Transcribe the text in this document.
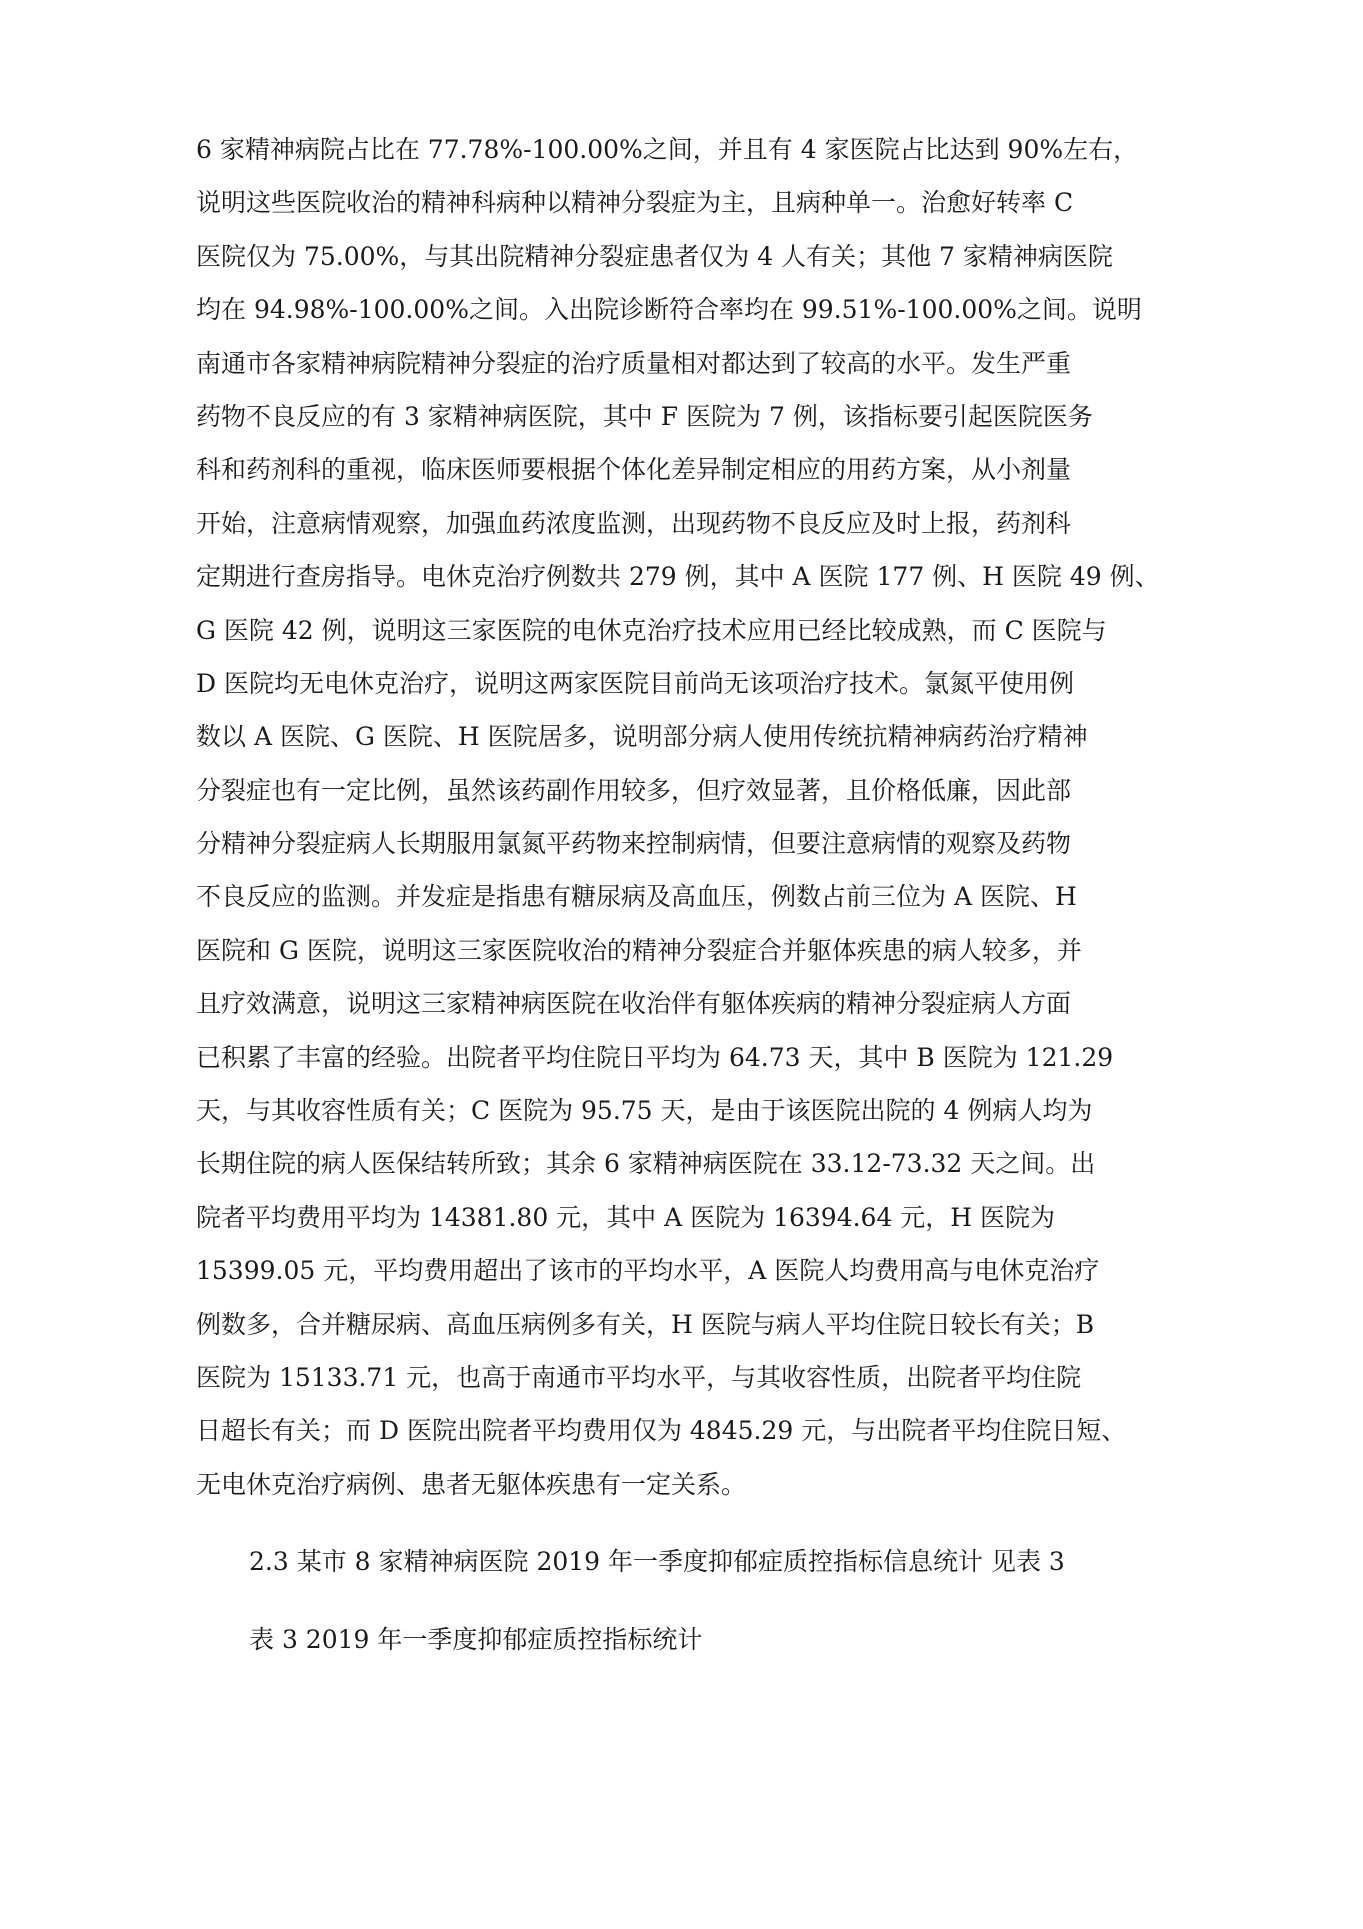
6 家精神病院占比在 77.78%-100.00%之间，并且有 4 家医院占比达到 90%左右，
说明这些医院收治的精神科病种以精神分裂症为主，且病种单一。治愈好转率 C
医院仅为 75.00%，与其出院精神分裂症患者仅为 4 人有关；其他 7 家精神病医院
均在 94.98%-100.00%之间。入出院诊断符合率均在 99.51%-100.00%之间。说明
南通市各家精神病院精神分裂症的治疗质量相对都达到了较高的水平。发生严重
药物不良反应的有 3 家精神病医院，其中 F 医院为 7 例，该指标要引起医院医务
科和药剂科的重视，临床医师要根据个体化差异制定相应的用药方案，从小剂量
开始，注意病情观察，加强血药浓度监测，出现药物不良反应及时上报，药剂科
定期进行查房指导。电休克治疗例数共 279 例，其中 A 医院 177 例、H 医院 49 例、
G 医院 42 例，说明这三家医院的电休克治疗技术应用已经比较成熟，而 C 医院与
D 医院均无电休克治疗，说明这两家医院目前尚无该项治疗技术。氯氮平使用例
数以 A 医院、G 医院、H 医院居多，说明部分病人使用传统抗精神病药治疗精神
分裂症也有一定比例，虽然该药副作用较多，但疗效显著，且价格低廉，因此部
分精神分裂症病人长期服用氯氮平药物来控制病情，但要注意病情的观察及药物
不良反应的监测。并发症是指患有糖尿病及高血压，例数占前三位为 A 医院、H
医院和 G 医院，说明这三家医院收治的精神分裂症合并躯体疾患的病人较多，并
且疗效满意，说明这三家精神病医院在收治伴有躯体疾病的精神分裂症病人方面
已积累了丰富的经验。出院者平均住院日平均为 64.73 天，其中 B 医院为 121.29
天，与其收容性质有关；C 医院为 95.75 天，是由于该医院出院的 4 例病人均为
长期住院的病人医保结转所致；其余 6 家精神病医院在 33.12-73.32 天之间。出
院者平均费用平均为 14381.80 元，其中 A 医院为 16394.64 元，H 医院为
15399.05 元，平均费用超出了该市的平均水平，A 医院人均费用高与电休克治疗
例数多，合并糖尿病、高血压病例多有关，H 医院与病人平均住院日较长有关；B
医院为 15133.71 元，也高于南通市平均水平，与其收容性质，出院者平均住院
日超长有关；而 D 医院出院者平均费用仅为 4845.29 元，与出院者平均住院日短、
无电休克治疗病例、患者无躯体疾患有一定关系。
2.3 某市 8 家精神病医院 2019 年一季度抑郁症质控指标信息统计 见表 3
表 3 2019 年一季度抑郁症质控指标统计
